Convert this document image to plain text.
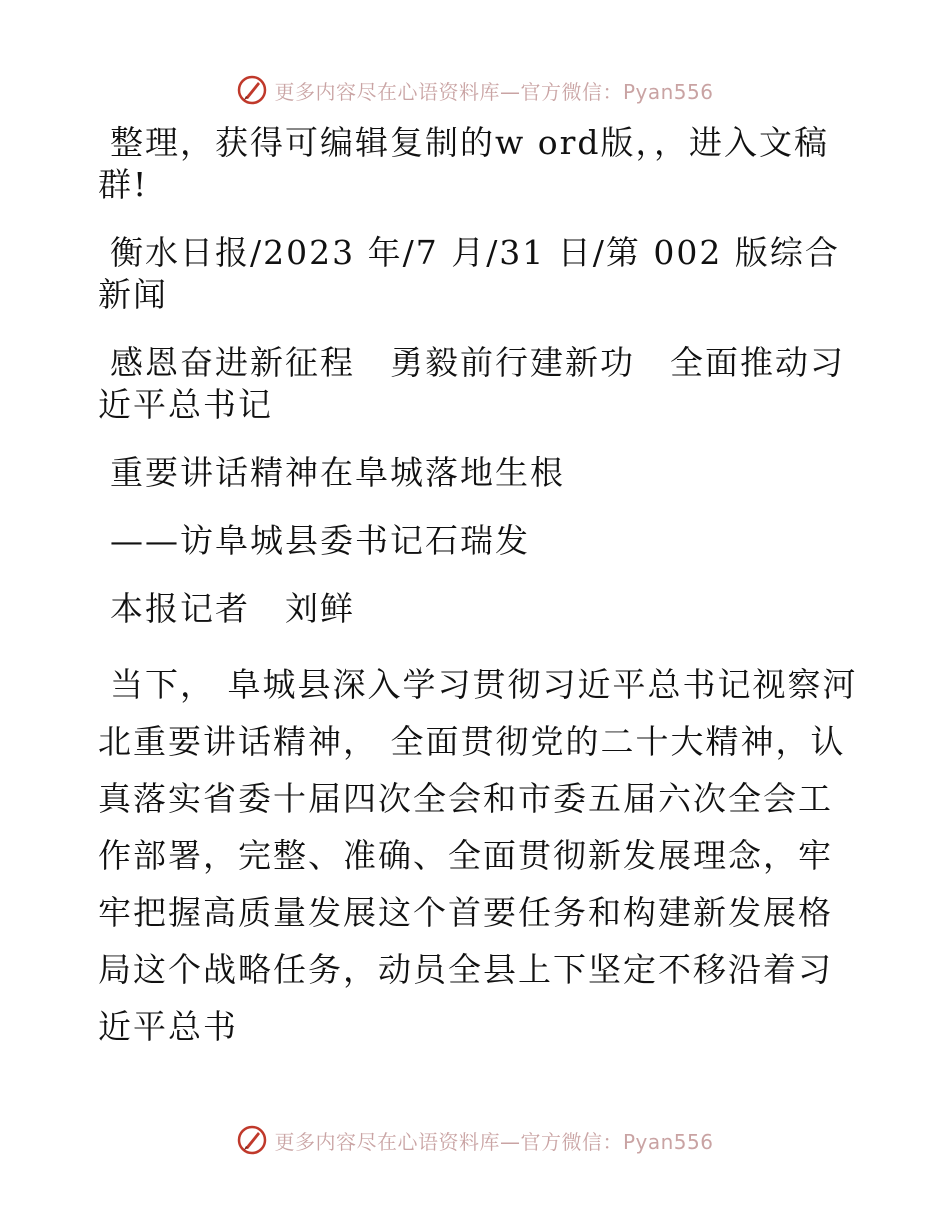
更多内容尽在心语资料库—官方微信：Pyan556

整理，获得可编辑复制的w ord版，，进入文稿群!

衡水日报/2023 年/7 月/31 日/第 002 版综合新闻

感恩奋进新征程　勇毅前行建新功　全面推动习近平总书记

重要讲话精神在阜城落地生根

——访阜城县委书记石瑞发

本报记者　刘鲜

当下， 阜城县深入学习贯彻习近平总书记视察河北重要讲话精神， 全面贯彻党的二十大精神，认真落实省委十届四次全会和市委五届六次全会工作部署，完整、准确、全面贯彻新发展理念，牢牢把握高质量发展这个首要任务和构建新发展格局这个战略任务，动员全县上下坚定不移沿着习近平总书

更多内容尽在心语资料库—官方微信：Pyan556
